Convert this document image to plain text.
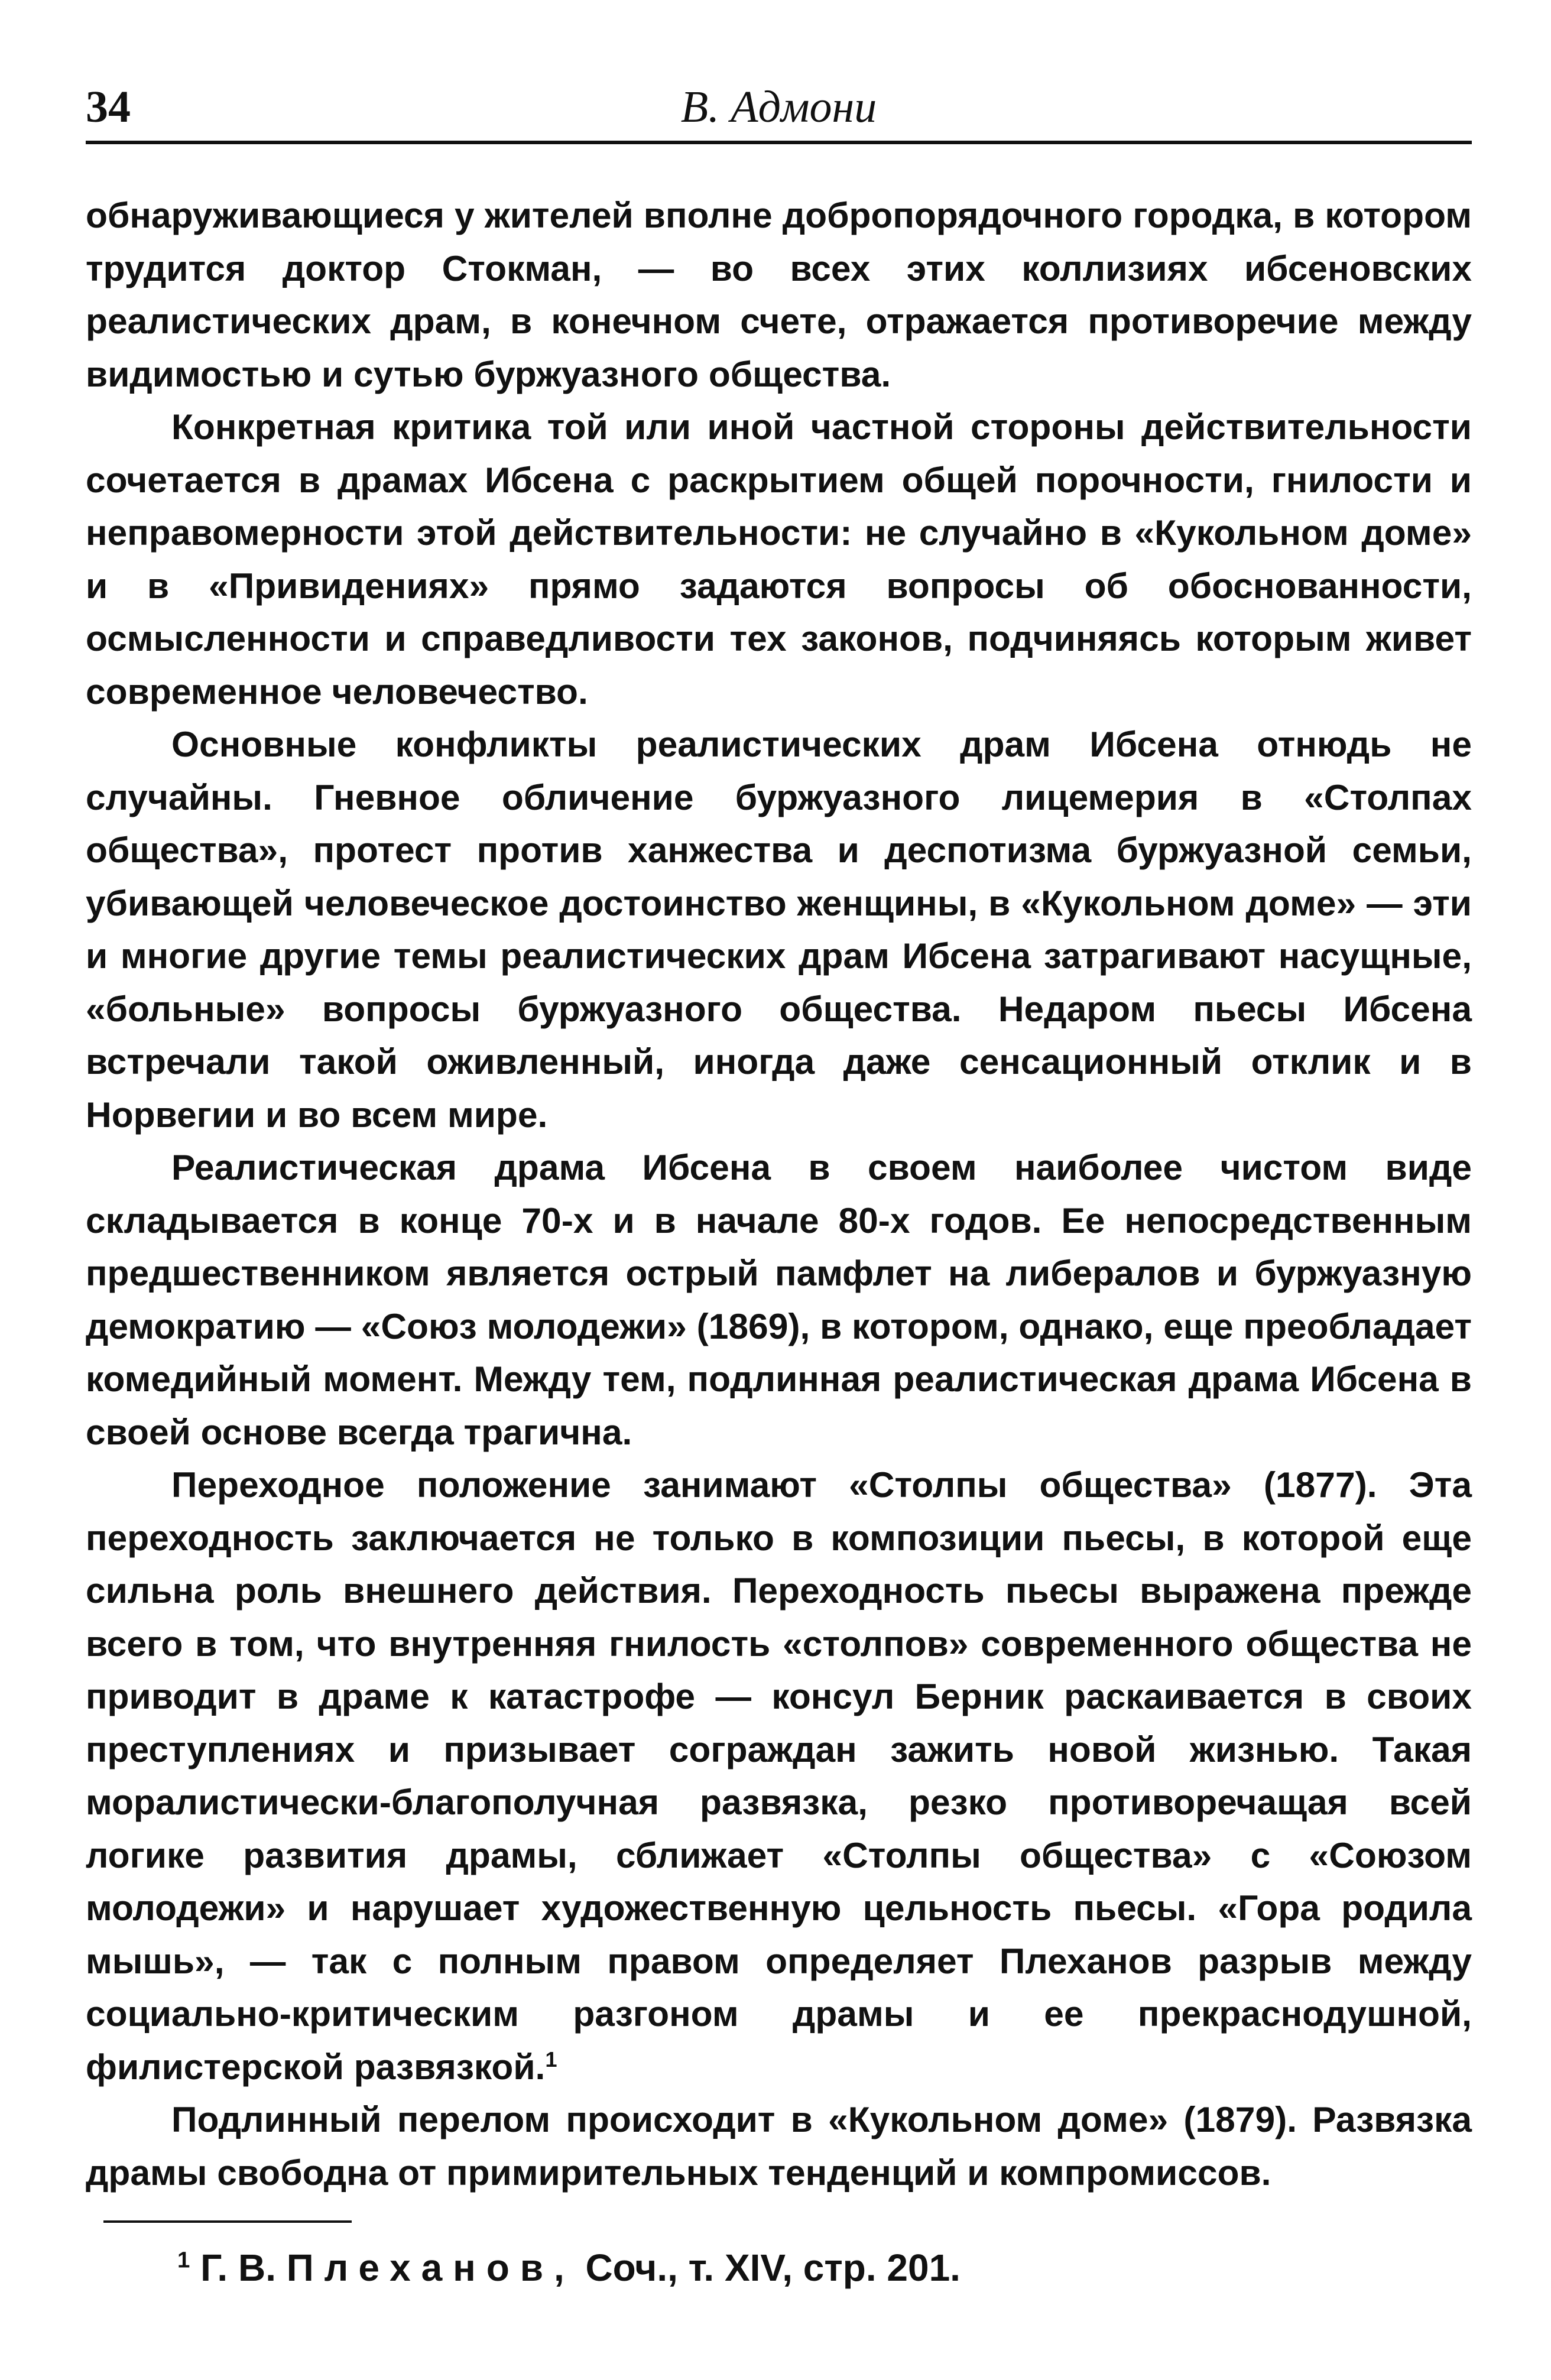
34	В. Адмони

обнаруживающиеся у жителей вполне добропорядочного городка, в котором трудится доктор Стокман, — во всех этих коллизиях ибсеновских реалистических драм, в конечном счете, отражается противоречие между видимостью и сутью буржуазного общества.

Конкретная критика той или иной частной стороны действительности сочетается в драмах Ибсена с раскрытием общей порочности, гнилости и неправомерности этой действительности: не случайно в «Кукольном доме» и в «Привидениях» прямо задаются вопросы об обоснованности, осмысленности и справедливости тех законов, подчиняясь которым живет современное человечество.

Основные конфликты реалистических драм Ибсена отнюдь не случайны. Гневное обличение буржуазного лицемерия в «Столпах общества», протест против ханжества и деспотизма буржуазной семьи, убивающей человеческое достоинство женщины, в «Кукольном доме» — эти и многие другие темы реалистических драм Ибсена затрагивают насущные, «больные» вопросы буржуазного общества. Недаром пьесы Ибсена встречали такой оживленный, иногда даже сенсационный отклик и в Норвегии и во всем мире.

Реалистическая драма Ибсена в своем наиболее чистом виде складывается в конце 70-х и в начале 80-х годов. Ее непосредственным предшественником является острый памфлет на либералов и буржуазную демократию — «Союз молодежи» (1869), в котором, однако, еще преобладает комедийный момент. Между тем, подлинная реалистическая драма Ибсена в своей основе всегда трагична.

Переходное положение занимают «Столпы общества» (1877). Эта переходность заключается не только в композиции пьесы, в которой еще сильна роль внешнего действия. Переходность пьесы выражена прежде всего в том, что внутренняя гнилость «столпов» современного общества не приводит в драме к катастрофе — консул Берник раскаивается в своих преступлениях и призывает сограждан зажить новой жизнью. Такая моралистически-благополучная развязка, резко противоречащая всей логике развития драмы, сближает «Столпы общества» с «Союзом молодежи» и нарушает художественную цельность пьесы. «Гора родила мышь», — так с полным правом определяет Плеханов разрыв между социально-критическим разгоном драмы и ее прекраснодушной, филистерской развязкой.$^1$

Подлинный перелом происходит в «Кукольном доме» (1879). Развязка драмы свободна от примирительных тенденций и компромиссов.

$^1$ Г. В. Плеханов, Соч., т. XIV, стр. 201.
